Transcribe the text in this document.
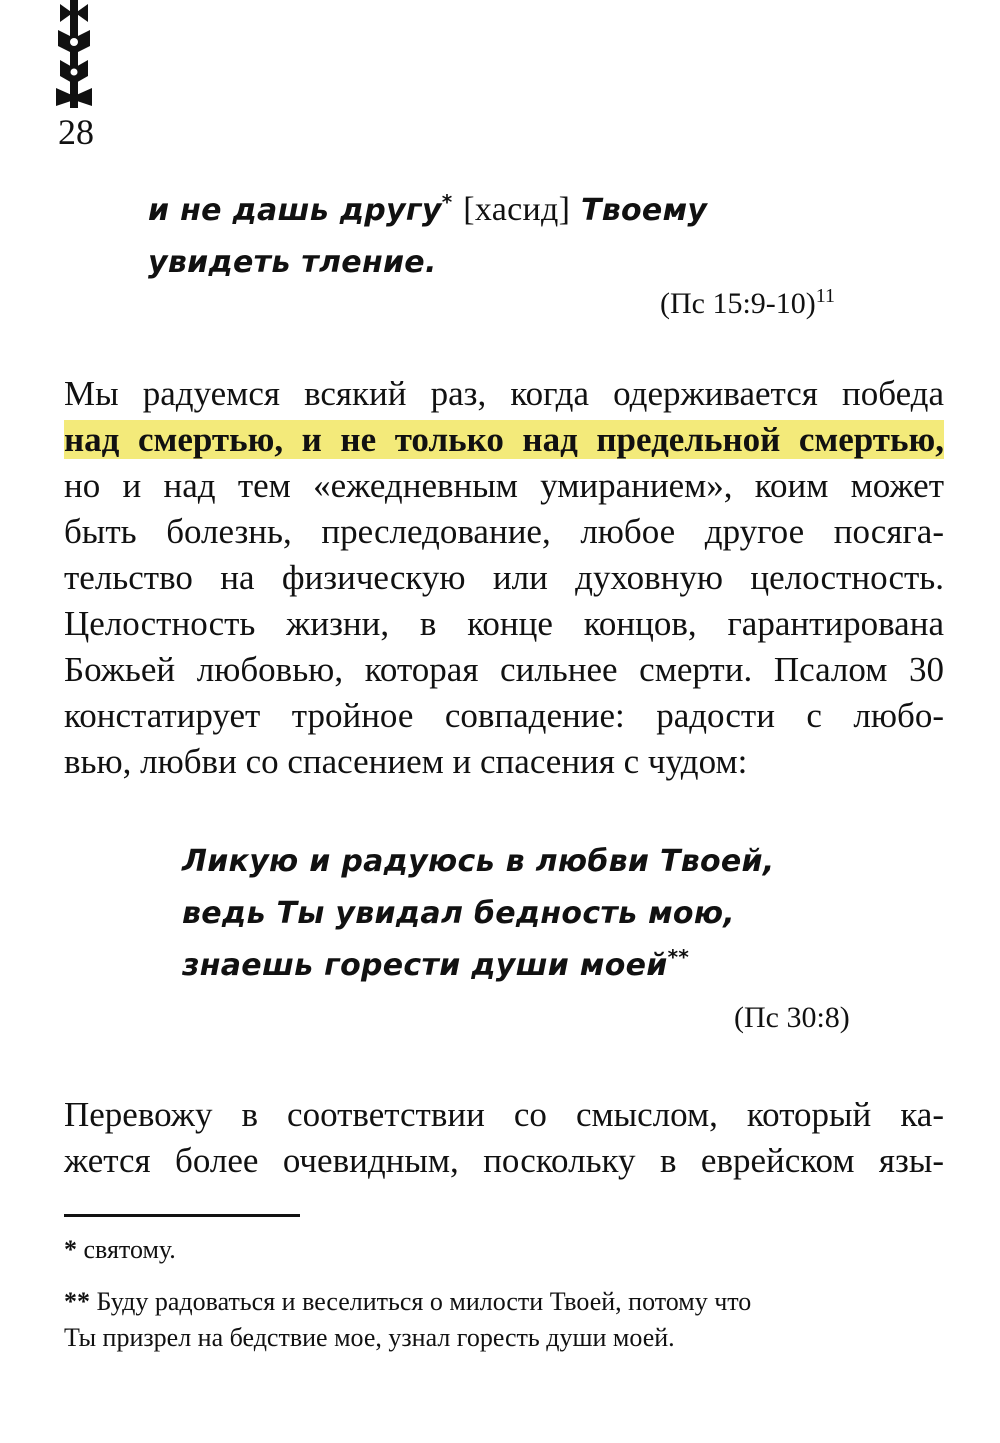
28
и не дашь другу* [хасид] Твоему
увидеть тление.
(Пс 15:9-10)$^{11}$
Мы радуемся всякий раз, когда одерживается победа
над смертью, и не только над предельной смертью,
но и над тем «ежедневным умиранием», коим может
быть болезнь, преследование, любое другое посяга-
тельство на физическую или духовную целостность.
Целостность жизни, в конце концов, гарантирована
Божьей любовью, которая сильнее смерти. Псалом 30
констатирует тройное совпадение: радости с любо-
вью, любви со спасением и спасения с чудом:
Ликую и радуюсь в любви Твоей,
ведь Ты увидал бедность мою,
знаешь горести души моей**
(Пс 30:8)
Перевожу в соответствии со смыслом, который ка-
жется более очевидным, поскольку в еврейском язы-
* святому.
** Буду радоваться и веселиться о милости Твоей, потому что
Ты призрел на бедствие мое, узнал горесть души моей.
